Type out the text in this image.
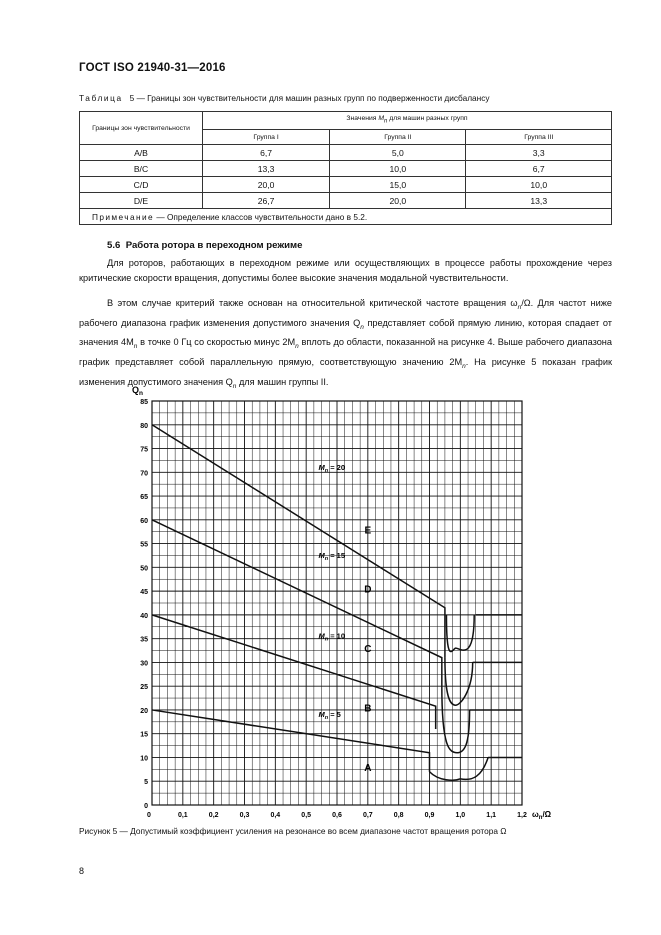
ГОСТ ISO 21940-31—2016
Таблица 5 — Границы зон чувствительности для машин разных групп по подверженности дисбалансу
Границы зон чувствительности	Значения $M_n$ для машин разных групп		
	Группа I	Группа II	Группа III
A/B	6,7	5,0	3,3
B/C	13,3	10,0	6,7
C/D	20,0	15,0	10,0
D/E	26,7	20,0	13,3
Примечание — Определение классов чувствительности дано в 5.2.			
5.6 Работа ротора в переходном режиме
Для роторов, работающих в переходном режиме или осуществляющих в процессе работы прохождение через критические скорости вращения, допустимы более высокие значения модальной чувствительности.
В этом случае критерий также основан на относительной критической частоте вращения $\omega_n/\Omega$. Для частот ниже рабочего диапазона график изменения допустимого значения $Q_n$ представляет собой прямую линию, которая спадает от значения $4M_n$ в точке 0 Гц со скоростью минус $2M_n$ вплоть до области, показанной на рисунке 4. Выше рабочего диапазона график представляет собой параллельную прямую, соответствующую значению $2M_n$. На рисунке 5 показан график изменения допустимого значения $Q_n$ для машин группы II.
0
5
10
15
20
25
30
35
40
45
50
55
60
65
70
75
80
85
0	0,1	0,2	0,3	0,4	0,5	0,6	0,7	0,8	0,9	1,0	1,1	1,2
$M_n = 20$
$M_n = 15$
$M_n = 10$
$M_n = 5$
E
D
C
B
A
$Q_n$
$\omega_n/\Omega$
Рисунок 5 — Допустимый коэффициент усиления на резонансе во всем диапазоне частот вращения ротора Ω
8
